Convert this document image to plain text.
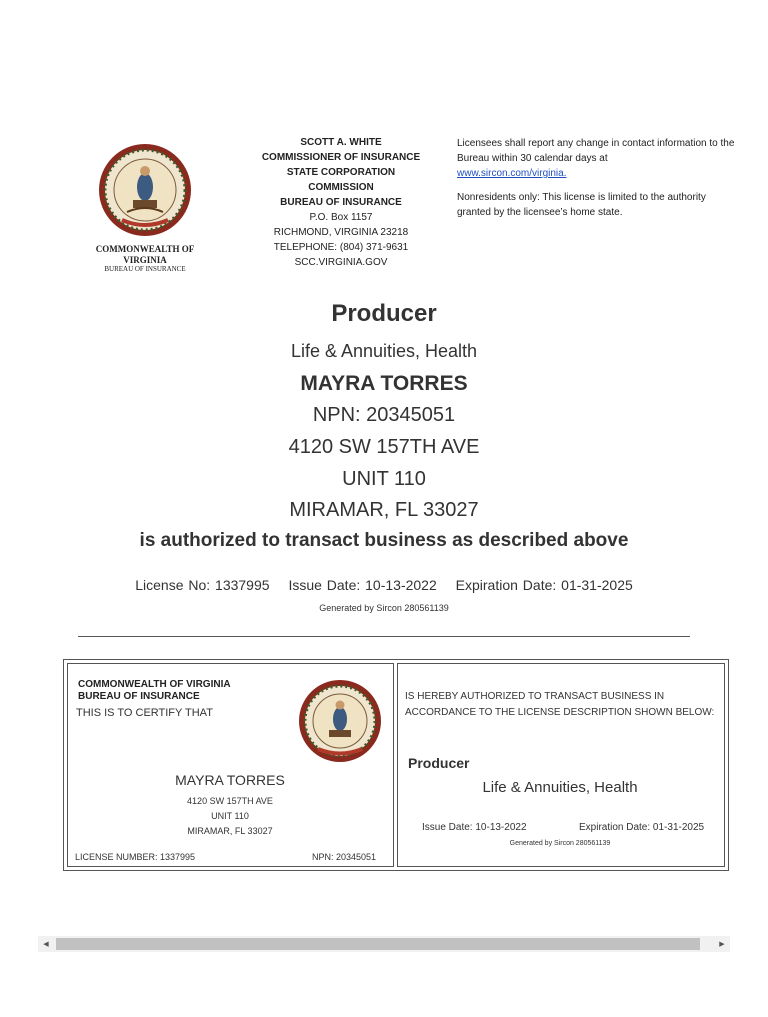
COMMONWEALTH OF
VIRGINIA
BUREAU OF INSURANCE
SCOTT A. WHITE
COMMISSIONER OF INSURANCE
STATE CORPORATION
COMMISSION
BUREAU OF INSURANCE
P.O. Box 1157
RICHMOND, VIRGINIA 23218
TELEPHONE: (804) 371-9631
SCC.VIRGINIA.GOV

Licensees shall report any change in contact information to the Bureau within 30 calendar days at
www.sircon.com/virginia.

Nonresidents only: This license is limited to the authority granted by the licensee’s home state.

Producer
Life & Annuities, Health
MAYRA TORRES
NPN: 20345051
4120 SW 157TH AVE
UNIT 110
MIRAMAR, FL 33027
is authorized to transact business as described above
License No: 1337995 Issue Date: 10-13-2022 Expiration Date: 01-31-2025
Generated by Sircon 280561139
COMMONWEALTH OF VIRGINIA
BUREAU OF INSURANCE
THIS IS TO CERTIFY THAT
MAYRA TORRES
4120 SW 157TH AVE
UNIT 110
MIRAMAR, FL 33027
LICENSE NUMBER: 1337995	NPN: 20345051
IS HEREBY AUTHORIZED TO TRANSACT BUSINESS IN ACCORDANCE TO THE LICENSE DESCRIPTION SHOWN BELOW:
Producer
Life & Annuities, Health
Issue Date: 10-13-2022	Expiration Date: 01-31-2025
Generated by Sircon 280561139
◀	▶
